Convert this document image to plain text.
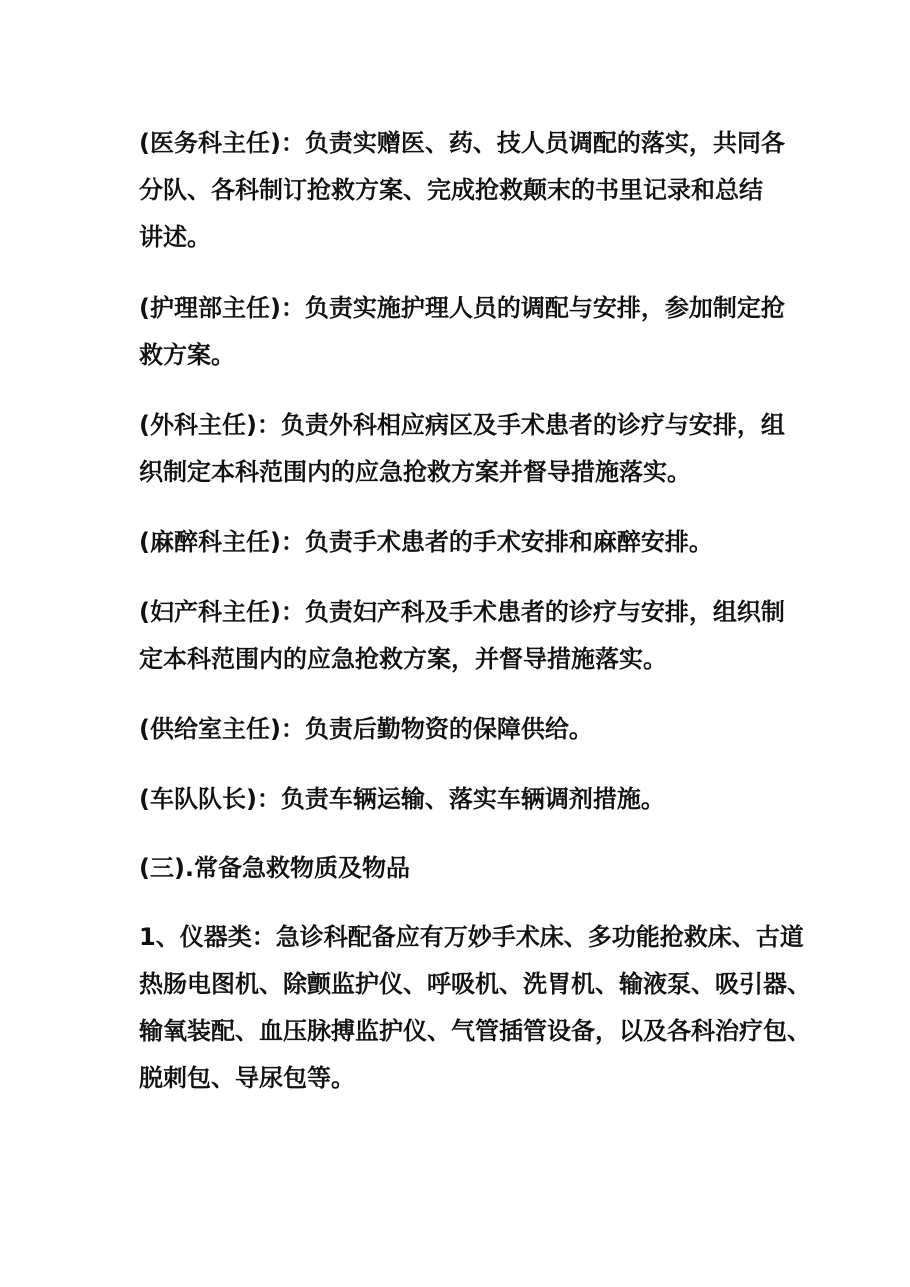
(医务科主任)：负责实赠医、药、技人员调配的落实，共同各
分队、各科制订抢救方案、完成抢救颠末的书里记录和总结
讲述。
(护理部主任)：负责实施护理人员的调配与安排，参加制定抢
救方案。
(外科主任)：负责外科相应病区及手术患者的诊疗与安排，组
织制定本科范围内的应急抢救方案并督导措施落实。
(麻醉科主任)：负责手术患者的手术安排和麻醉安排。
(妇产科主任)：负责妇产科及手术患者的诊疗与安排，组织制
定本科范围内的应急抢救方案，并督导措施落实。
(供给室主任)：负责后勤物资的保障供给。
(车队队长)：负责车辆运输、落实车辆调剂措施。
(三).常备急救物质及物品
1、仪器类：急诊科配备应有万妙手术床、多功能抢救床、古道
热肠电图机、除颤监护仪、呼吸机、洗胃机、输液泵、吸引器、
输氧装配、血压脉搏监护仪、气管插管设备，以及各科治疗包、
脱刺包、导尿包等。
